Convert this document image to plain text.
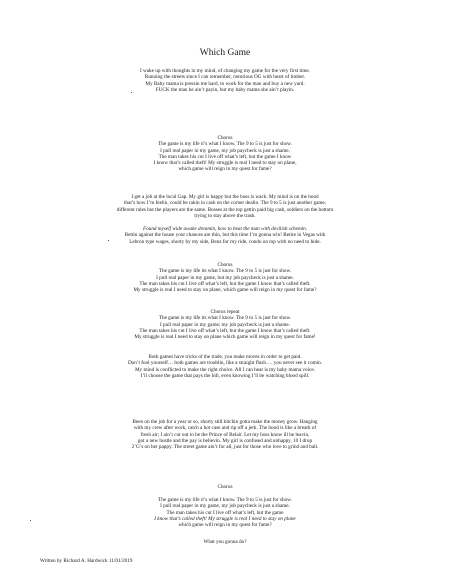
Which Game
I wake up with thoughts in my mind, of changing my game for the very first time.
Running the streets since I can remember, notorious OG with heart of timber.
My Baby mama is pressin me hard, to work for the man and buy a new yard.
FUCK the man he ain’t payin, but my baby mama she ain’t playin.
Chorus
The game is my life it’s what I know. The 9 to 5 is just for show.
I pull real paper in my game, my job paycheck is just a shame.
The man takes his cut I live off what’s left, but the game I know
I know that’s called theft! My struggle is real I need to stay on plane,
which game will reign in my quest for fame?
I get a job at the local Gap. My girl is happy but the boss is wack. My mind is on the hood
that’s how I’m feelin, could be rakin in cash on the corner dealin. The 9 to 5 is just another game,
different rules but the players are the same. Bosses at the top gettin paid big cash, soldiers on the bottom
trying to stay above the trash.
Found myself wide awake dreamin, how to beat the man with devilish schemin.
Bettin against the house your chances are thin, but this time I’m gonna win! Retire in Vegas with
Lebron type wages, shorty by my side, Benz for my ride, condo on top with no need to hide.
Chorus
The game is my life its what I know. The 9 to 5 is just for show.
I pull real paper in my game, but my job paycheck is just a shame.
The man takes his cut I live off what’s left, but the game I know that’s called theft.
My struggle is real I need to stay on plane, which game will reign in my quest for fame?
Chorus repeat
The game is my life its what I know. The 9 to 5 is just for show.
I pull real paper in my game; my job paycheck is just a shame.
The man takes his cut I live off what’s left, but the game I know that’s called theft.
My struggle is real I need to stay on plane which game will reign in my quest for fame!
Both games have tricks of the trade, you make moves in order to get paid.
Don’t fool yourself… both games are troublin, like a straight flush…. you never see it comin.
My mind is conflicted to make the right choice. All I can hear is my baby mama voice.
I’ll choose the game that pays the bill, even knowing I’ll be watching blood spill.
Been on the job for a year or so, shorty still bitchin gotta make the money grow. Hanging
with my crew after work, catch a hot case and rip off a jerk. The hood is like a breath of
fresh air; I ain’t cut out to be the Prince of Belair. Let my boss know ill be leavin,
got a new hustle and the pay is believin. My girl is confused and unhappy, 10 I drop
2’G’s on her pappy. The street game ain’t for all, just for those who love to grind and ball.
Chorus
The game is my life it’s what I know. The 9 to 5 is just for show.
I pull real paper in my game, my job paycheck is just a shame.
The man takes his cut I live off what’s left, but the game
I know that’s called theft! My struggle is real I need to stay on plane
which game will reign in my quest for fame?
What you gonna do?
Written by Richard A. Hardwick 11/01/2019
